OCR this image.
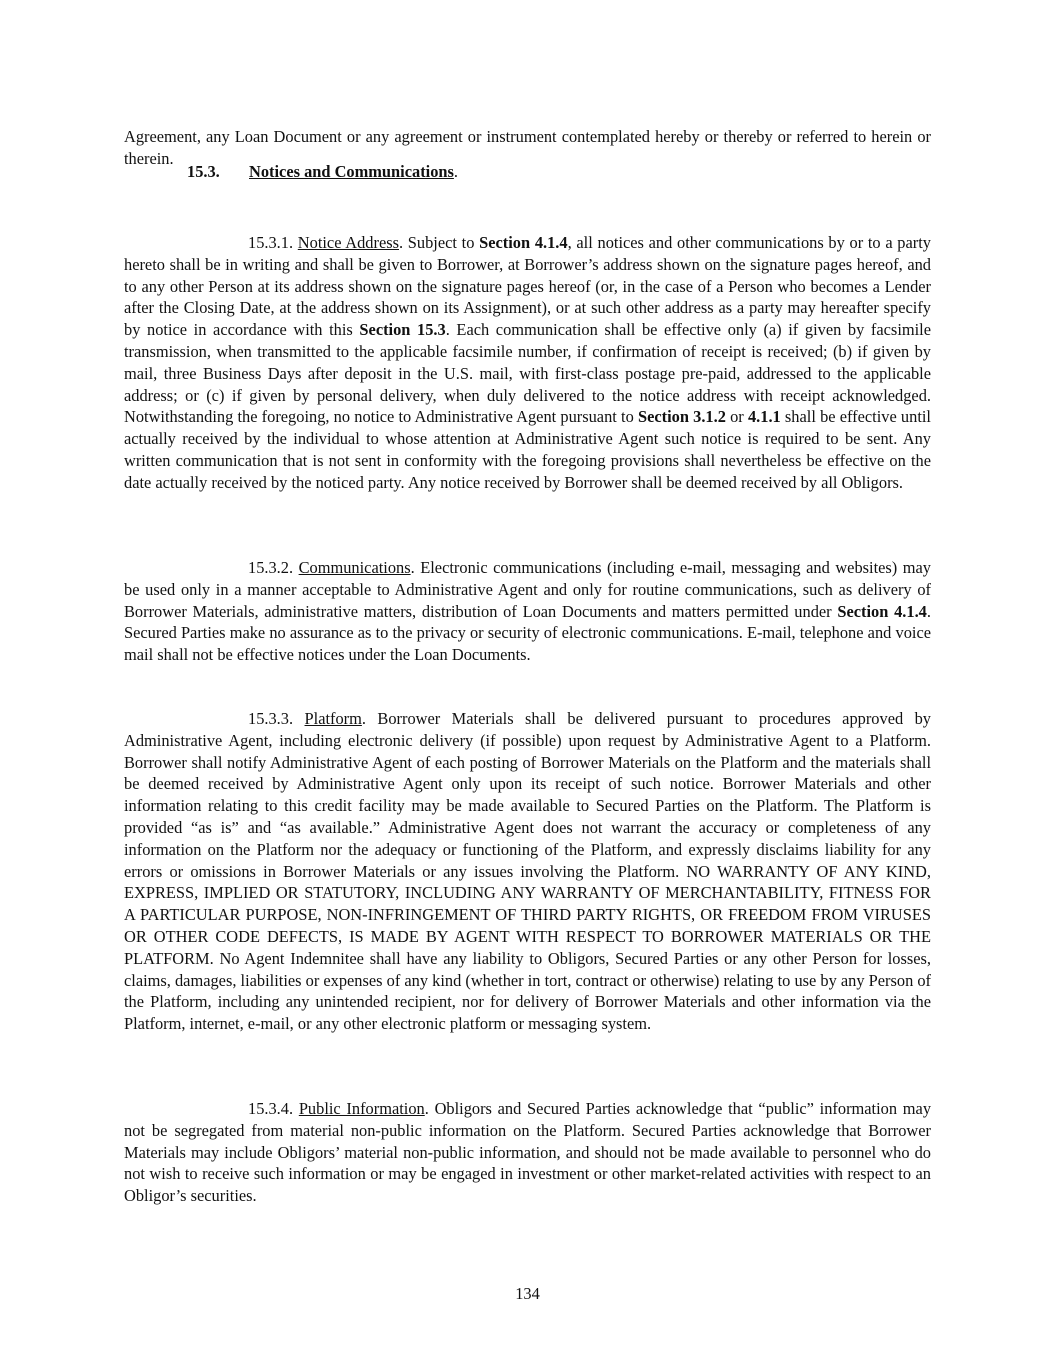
Agreement, any Loan Document or any agreement or instrument contemplated hereby or thereby or referred to herein or therein.

15.3. Notices and Communications.

15.3.1. Notice Address. Subject to Section 4.1.4, all notices and other communications by or to a party hereto shall be in writing and shall be given to Borrower, at Borrower’s address shown on the signature pages hereof, and to any other Person at its address shown on the signature pages hereof (or, in the case of a Person who becomes a Lender after the Closing Date, at the address shown on its Assignment), or at such other address as a party may hereafter specify by notice in accordance with this Section 15.3. Each communication shall be effective only (a) if given by facsimile transmission, when transmitted to the applicable facsimile number, if confirmation of receipt is received; (b) if given by mail, three Business Days after deposit in the U.S. mail, with first-class postage pre-paid, addressed to the applicable address; or (c) if given by personal delivery, when duly delivered to the notice address with receipt acknowledged. Notwithstanding the foregoing, no notice to Administrative Agent pursuant to Section 3.1.2 or 4.1.1 shall be effective until actually received by the individual to whose attention at Administrative Agent such notice is required to be sent. Any written communication that is not sent in conformity with the foregoing provisions shall nevertheless be effective on the date actually received by the noticed party. Any notice received by Borrower shall be deemed received by all Obligors.

15.3.2. Communications. Electronic communications (including e-mail, messaging and websites) may be used only in a manner acceptable to Administrative Agent and only for routine communications, such as delivery of Borrower Materials, administrative matters, distribution of Loan Documents and matters permitted under Section 4.1.4. Secured Parties make no assurance as to the privacy or security of electronic communications. E-mail, telephone and voice mail shall not be effective notices under the Loan Documents.

15.3.3. Platform. Borrower Materials shall be delivered pursuant to procedures approved by Administrative Agent, including electronic delivery (if possible) upon request by Administrative Agent to a Platform. Borrower shall notify Administrative Agent of each posting of Borrower Materials on the Platform and the materials shall be deemed received by Administrative Agent only upon its receipt of such notice. Borrower Materials and other information relating to this credit facility may be made available to Secured Parties on the Platform. The Platform is provided “as is” and “as available.” Administrative Agent does not warrant the accuracy or completeness of any information on the Platform nor the adequacy or functioning of the Platform, and expressly disclaims liability for any errors or omissions in Borrower Materials or any issues involving the Platform. NO WARRANTY OF ANY KIND, EXPRESS, IMPLIED OR STATUTORY, INCLUDING ANY WARRANTY OF MERCHANTABILITY, FITNESS FOR A PARTICULAR PURPOSE, NON-INFRINGEMENT OF THIRD PARTY RIGHTS, OR FREEDOM FROM VIRUSES OR OTHER CODE DEFECTS, IS MADE BY AGENT WITH RESPECT TO BORROWER MATERIALS OR THE PLATFORM. No Agent Indemnitee shall have any liability to Obligors, Secured Parties or any other Person for losses, claims, damages, liabilities or expenses of any kind (whether in tort, contract or otherwise) relating to use by any Person of the Platform, including any unintended recipient, nor for delivery of Borrower Materials and other information via the Platform, internet, e-mail, or any other electronic platform or messaging system.

15.3.4. Public Information. Obligors and Secured Parties acknowledge that “public” information may not be segregated from material non-public information on the Platform. Secured Parties acknowledge that Borrower Materials may include Obligors’ material non-public information, and should not be made available to personnel who do not wish to receive such information or may be engaged in investment or other market-related activities with respect to an Obligor’s securities.

134
